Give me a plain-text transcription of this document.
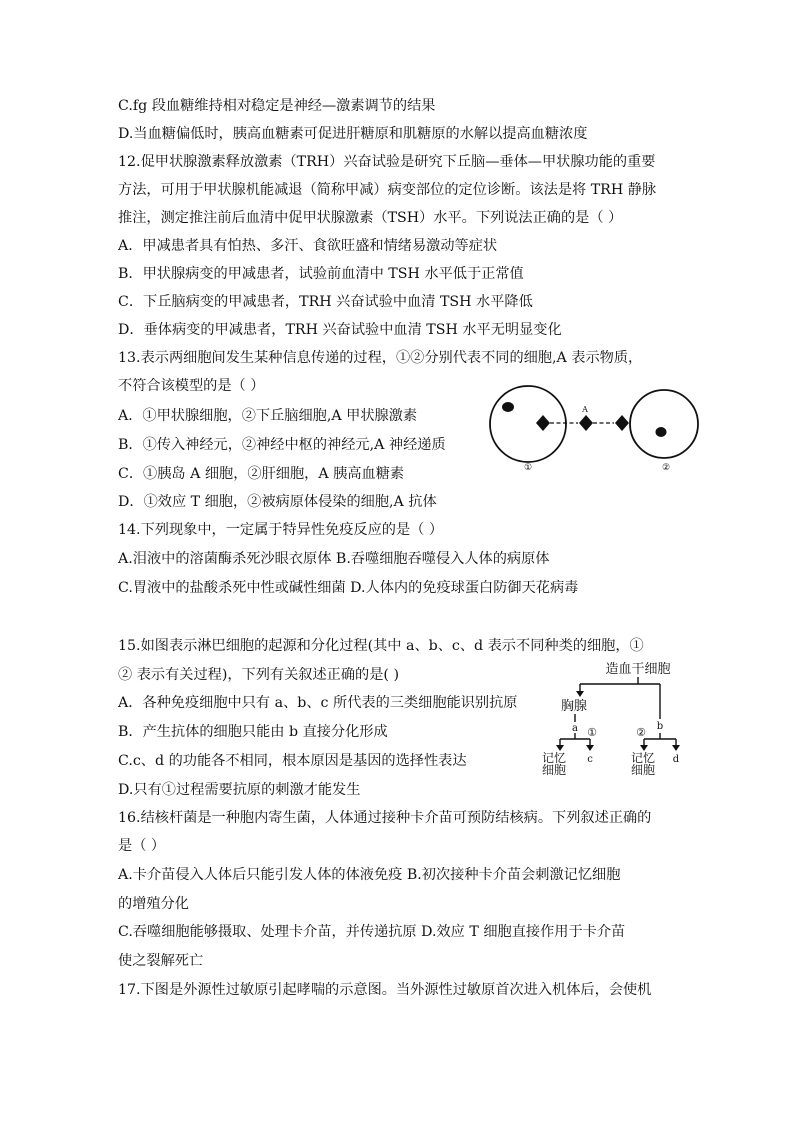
C.fg 段血糖维持相对稳定是神经—激素调节的结果
D.当血糖偏低时，胰高血糖素可促进肝糖原和肌糖原的水解以提高血糖浓度
12.促甲状腺激素释放激素（TRH）兴奋试验是研究下丘脑—垂体—甲状腺功能的重要
方法，可用于甲状腺机能减退（简称甲减）病变部位的定位诊断。该法是将 TRH 静脉
推注，测定推注前后血清中促甲状腺激素（TSH）水平。下列说法正确的是（ ）
A．甲减患者具有怕热、多汗、食欲旺盛和情绪易激动等症状
B．甲状腺病变的甲减患者，试验前血清中 TSH 水平低于正常值
C．下丘脑病变的甲减患者，TRH 兴奋试验中血清 TSH 水平降低
D．垂体病变的甲减患者，TRH 兴奋试验中血清 TSH 水平无明显变化
13.表示两细胞间发生某种信息传递的过程，①②分别代表不同的细胞,A 表示物质，
不符合该模型的是（ ）
A．①甲状腺细胞，②下丘脑细胞,A 甲状腺激素
B．①传入神经元，②神经中枢的神经元,A 神经递质
C．①胰岛 A 细胞，②肝细胞，A 胰高血糖素
D．①效应 T 细胞，②被病原体侵染的细胞,A 抗体
14.下列现象中，一定属于特异性免疫反应的是（ ）
A.泪液中的溶菌酶杀死沙眼衣原体 B.吞噬细胞吞噬侵入人体的病原体
C.胃液中的盐酸杀死中性或碱性细菌 D.人体内的免疫球蛋白防御天花病毒
15.如图表示淋巴细胞的起源和分化过程(其中 a、b、c、d 表示不同种类的细胞，①
② 表示有关过程)，下列有关叙述正确的是( )
A．各种免疫细胞中只有 a、b、c 所代表的三类细胞能识别抗原
B．产生抗体的细胞只能由 b 直接分化形成
C.c、d 的功能各不相同，根本原因是基因的选择性表达
D.只有①过程需要抗原的刺激才能发生
16.结核杆菌是一种胞内寄生菌，人体通过接种卡介苗可预防结核病。下列叙述正确的
是（ ）
A.卡介苗侵入人体后只能引发人体的体液免疫 B.初次接种卡介苗会刺激记忆细胞
的增殖分化
C.吞噬细胞能够摄取、处理卡介苗，并传递抗原 D.效应 T 细胞直接作用于卡介苗
使之裂解死亡
17.下图是外源性过敏原引起哮喘的示意图。当外源性过敏原首次进入机体后，会使机
A
①	②
造血干细胞
胸腺
a	b
①	②
记忆
细胞
c	记忆
细胞
d
